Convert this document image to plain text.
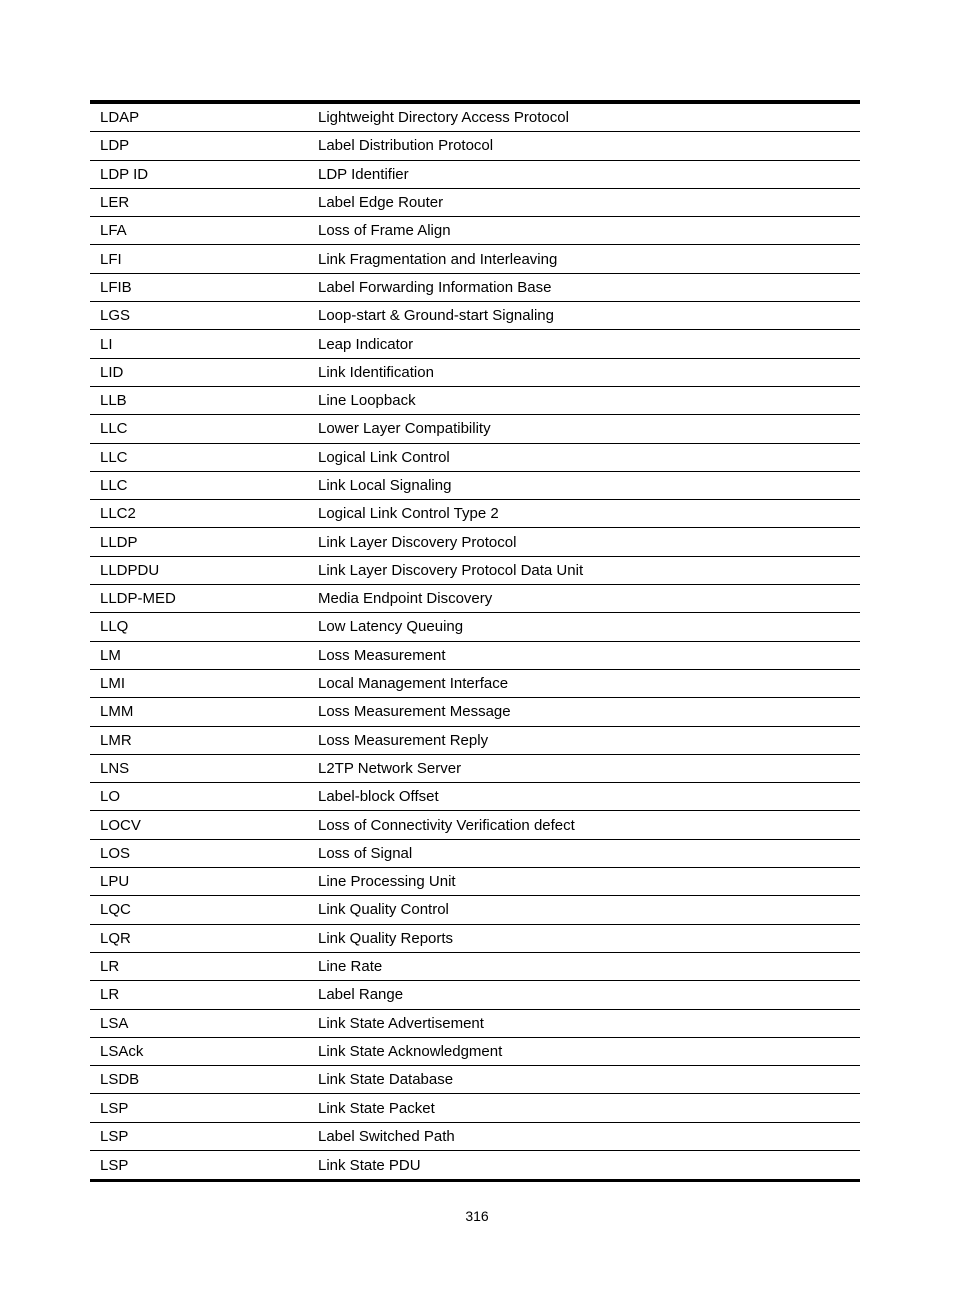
LDAP	Lightweight Directory Access Protocol
LDP	Label Distribution Protocol
LDP ID	LDP Identifier
LER	Label Edge Router
LFA	Loss of Frame Align
LFI	Link Fragmentation and Interleaving
LFIB	Label Forwarding Information Base
LGS	Loop-start & Ground-start Signaling
LI	Leap Indicator
LID	Link Identification
LLB	Line Loopback
LLC	Lower Layer Compatibility
LLC	Logical Link Control
LLC	Link Local Signaling
LLC2	Logical Link Control Type 2
LLDP	Link Layer Discovery Protocol
LLDPDU	Link Layer Discovery Protocol Data Unit
LLDP-MED	Media Endpoint Discovery
LLQ	Low Latency Queuing
LM	Loss Measurement
LMI	Local Management Interface
LMM	Loss Measurement Message
LMR	Loss Measurement Reply
LNS	L2TP Network Server
LO	Label-block Offset
LOCV	Loss of Connectivity Verification defect
LOS	Loss of Signal
LPU	Line Processing Unit
LQC	Link Quality Control
LQR	Link Quality Reports
LR	Line Rate
LR	Label Range
LSA	Link State Advertisement
LSAck	Link State Acknowledgment
LSDB	Link State Database
LSP	Link State Packet
LSP	Label Switched Path
LSP	Link State PDU
316
